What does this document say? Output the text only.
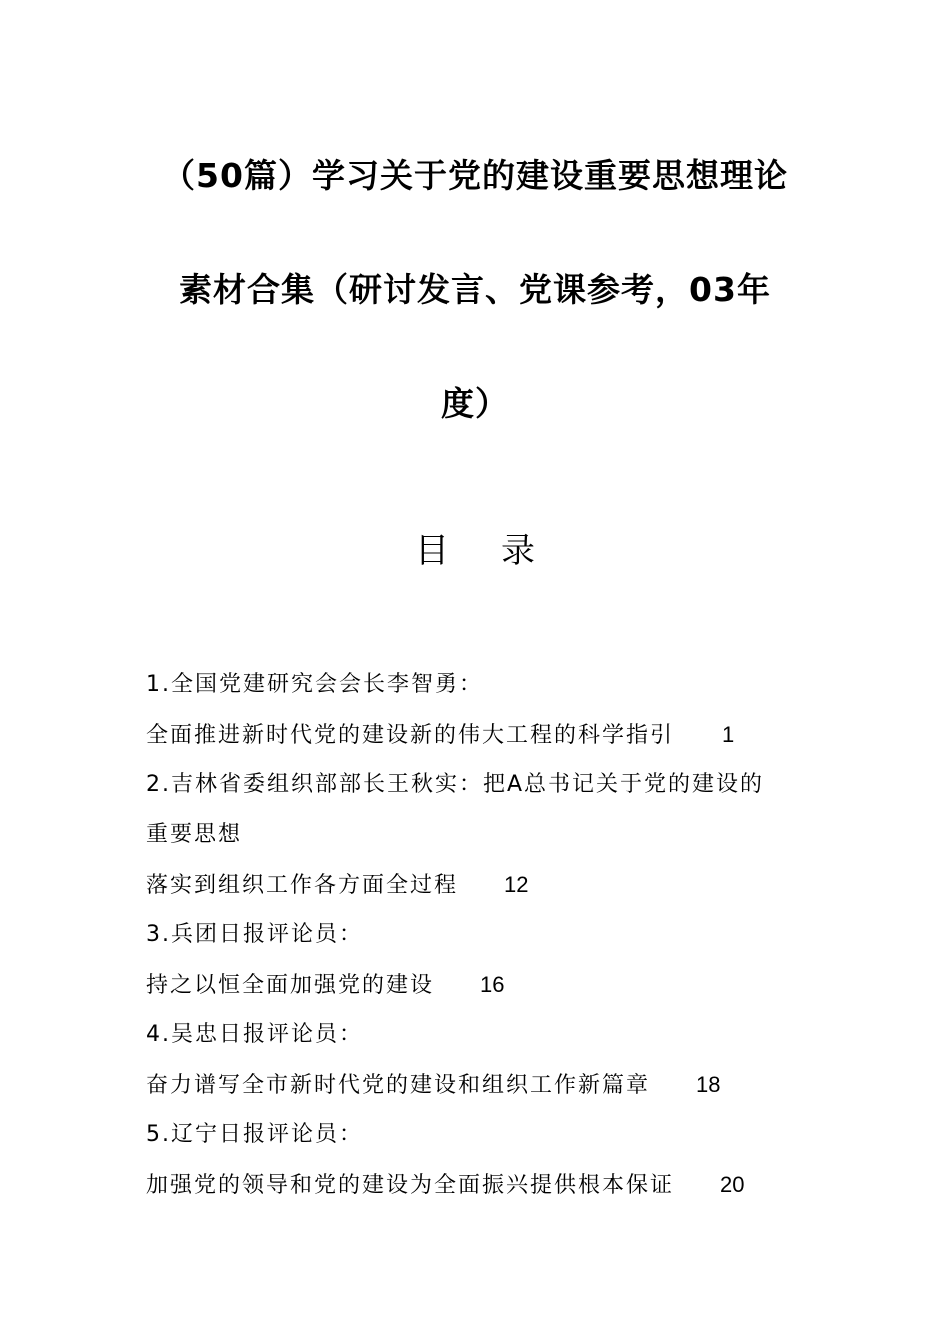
（50篇）学习关于党的建设重要思想理论
素材合集（研讨发言、党课参考，03年
度）
目 录
1.全国党建研究会会长李智勇：
全面推进新时代党的建设新的伟大工程的科学指引 1
2.吉林省委组织部部长王秋实：把A总书记关于党的建设的
重要思想
落实到组织工作各方面全过程 12
3.兵团日报评论员：
持之以恒全面加强党的建设 16
4.吴忠日报评论员：
奋力谱写全市新时代党的建设和组织工作新篇章 18
5.辽宁日报评论员：
加强党的领导和党的建设为全面振兴提供根本保证 20
